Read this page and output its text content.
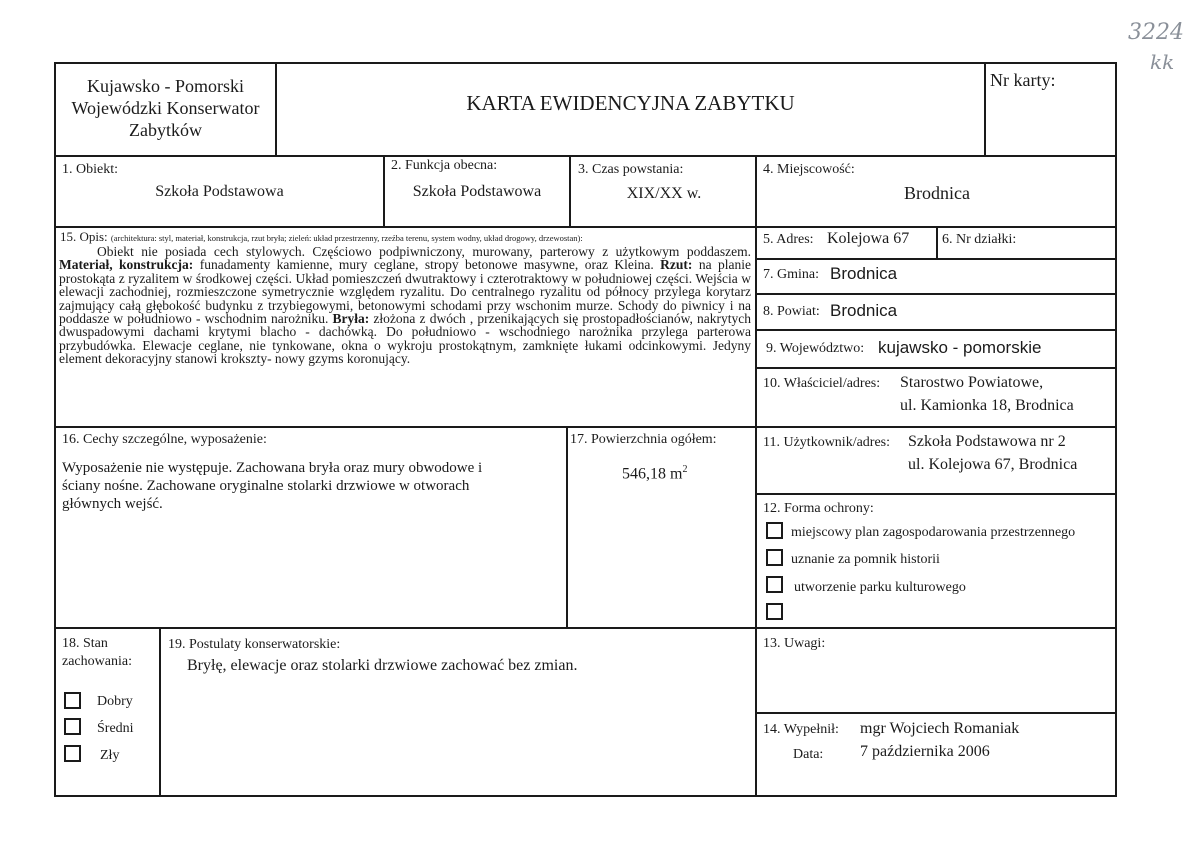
3224
kk
Kujawsko - Pomorski
Wojewódzki Konserwator
Zabytków
KARTA EWIDENCYJNA ZABYTKU
Nr karty:
1. Obiekt:
Szkoła Podstawowa
2. Funkcja obecna:
Szkoła Podstawowa
3. Czas powstania:
XIX/XX w.
15. Opis: (architektura: styl, materiał, konstrukcja, rzut bryła; zieleń: układ przestrzenny, rzeźba terenu, system wodny, układ drogowy, drzewostan):

Obiekt nie posiada cech stylowych. Częściowo podpiwniczony, murowany, parterowy z użytkowym poddaszem. Materiał, konstrukcja: funadamenty kamienne, mury ceglane, stropy betonowe masywne, oraz Kleina. Rzut: na planie prostokąta z ryzalitem w środkowej części. Układ pomieszczeń dwutraktowy i czterotraktowy w południowej części. Wejścia w elewacji zachodniej, rozmieszczone symetrycznie względem ryzalitu. Do centralnego ryzalitu od północy przylega korytarz zajmujący całą głębokość budynku z trzybiegowymi, betonowymi schodami przy wschonim murze. Schody do piwnicy i na poddasze w południowo - wschodnim narożniku. Bryła: złożona z dwóch , przenikających się prostopadłościanów, nakrytych dwuspadowymi dachami krytymi blacho - dachówką. Do południowo - wschodniego narożnika przylega parterowa przybudówka. Elewacje ceglane, nie tynkowane, okna o wykroju prostokątnym, zamknięte łukami odcinkowymi. Jedyny element dekoracyjny stanowi krokszty- nowy gzyms koronujący.

16. Cechy szczególne, wyposażenie:
Wyposażenie nie występuje. Zachowana bryła oraz mury obwodowe i
ściany nośne. Zachowane oryginalne stolarki drzwiowe w otworach
głównych wejść.
17. Powierzchnia ogółem:
546,18 $m^2$
18. Stan
zachowania:
Dobry
Średni
Zły
19. Postulaty konserwatorskie:
Bryłę, elewacje oraz stolarki drzwiowe zachować bez zmian.
4. Miejscowość:
Brodnica
5. Adres: Kolejowa 67 6. Nr działki:
7. Gmina: Brodnica
8. Powiat: Brodnica
9. Województwo: kujawsko - pomorskie
10. Właściciel/adres: Starostwo Powiatowe,
ul. Kamionka 18, Brodnica
11. Użytkownik/adres: Szkoła Podstawowa nr 2
ul. Kolejowa 67, Brodnica
12. Forma ochrony:
miejscowy plan zagospodarowania przestrzennego
uznanie za pomnik historii
utworzenie parku kulturowego
13. Uwagi:
14. Wypełnił: mgr Wojciech Romaniak
Data: 7 października 2006
